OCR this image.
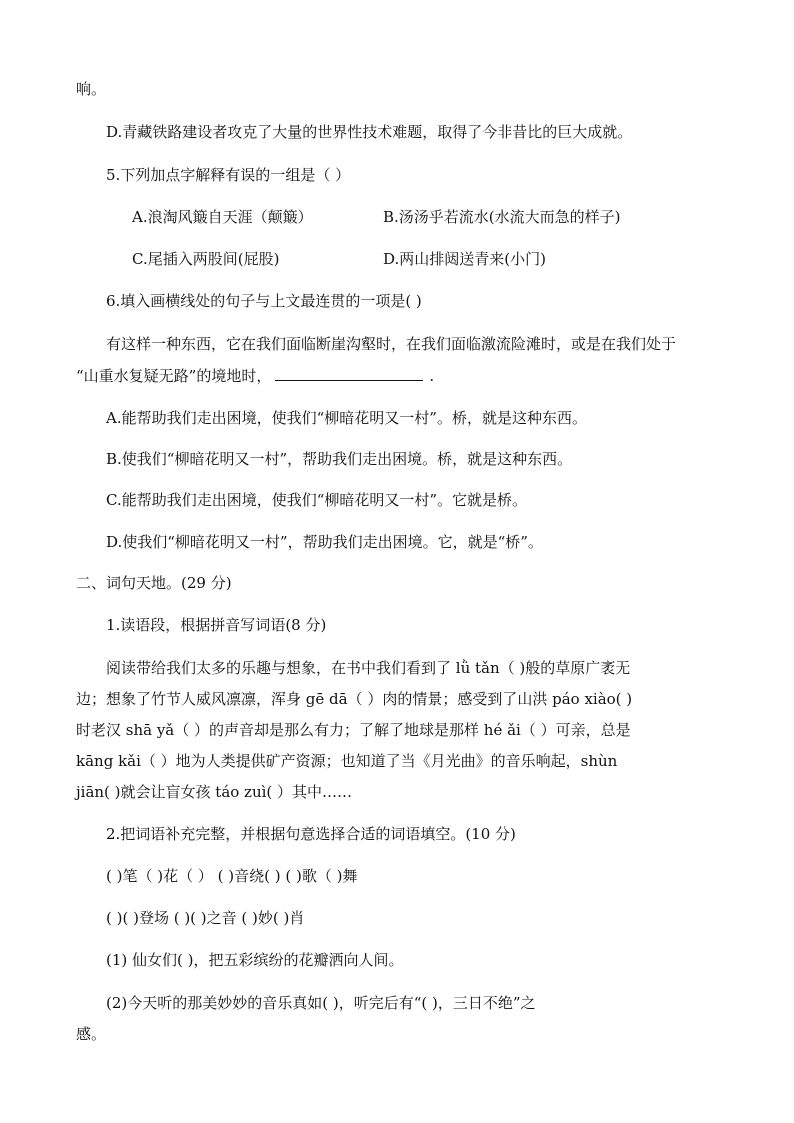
响。
D.青藏铁路建设者攻克了大量的世界性技术难题，取得了今非昔比的巨大成就。
5.下列加点字解释有误的一组是（ ）
A.浪淘风簸自天涯（颠簸）	B.汤汤乎若流水(水流大而急的样子)
C.尾插入两股间(屁股)	D.两山排闼送青来(小门)
6.填入画横线处的句子与上文最连贯的一项是( )
有这样一种东西，它在我们面临断崖沟壑时，在我们面临激流险滩时，或是在我们处于
“山重水复疑无路”的境地时，	.
A.能帮助我们走出困境，使我们“柳暗花明又一村”。桥，就是这种东西。
B.使我们“柳暗花明又一村”，帮助我们走出困境。桥，就是这种东西。
C.能帮助我们走出困境，使我们“柳暗花明又一村”。它就是桥。
D.使我们“柳暗花明又一村”，帮助我们走出困境。它，就是“桥”。
二、词句天地。(29 分)
1.读语段，根据拼音写词语(8 分)
阅读带给我们太多的乐趣与想象，在书中我们看到了 lǜ tǎn（ )般的草原广袤无
边；想象了竹节人威风凛凛，浑身 gē dā（ ）肉的情景；感受到了山洪 páo xiào( )
时老汉 shā yǎ（ ）的声音却是那么有力；了解了地球是那样 hé ǎi（ ）可亲，总是
kāng kǎi（ ）地为人类提供矿产资源；也知道了当《月光曲》的音乐响起，shùn
jiān( )就会让盲女孩 táo zuì( ）其中……
2.把词语补充完整，并根据句意选择合适的词语填空。(10 分)
( )笔（ )花（ ） ( )音绕( ) ( )歌（ )舞
( )( )登场 ( )( )之音 ( )妙( )肖
(1) 仙女们( )，把五彩缤纷的花瓣洒向人间。
(2)今天听的那美妙妙的音乐真如( )，听完后有“( )，三日不绝”之
感。
